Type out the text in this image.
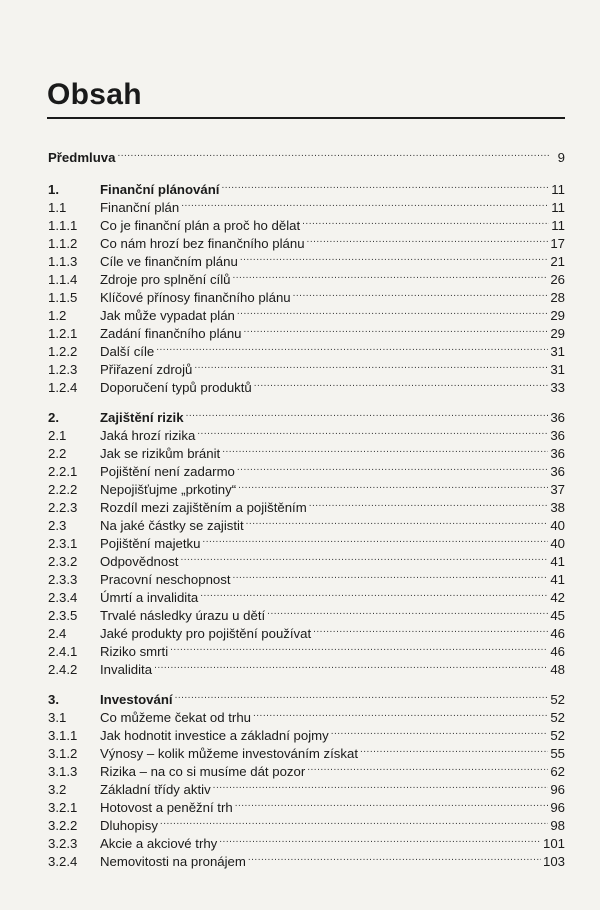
Obsah
Předmluva .....	9
1.	Finanční plánování .....	11
1.1	Finanční plán .....	11
1.1.1	Co je finanční plán a proč ho dělat .....	11
1.1.2	Co nám hrozí bez finančního plánu .....	17
1.1.3	Cíle ve finančním plánu .....	21
1.1.4	Zdroje pro splnění cílů .....	26
1.1.5	Klíčové přínosy finančního plánu .....	28
1.2	Jak může vypadat plán .....	29
1.2.1	Zadání finančního plánu .....	29
1.2.2	Další cíle .....	31
1.2.3	Přiřazení zdrojů .....	31
1.2.4	Doporučení typů produktů .....	33
2.	Zajištění rizik .....	36
2.1	Jaká hrozí rizika .....	36
2.2	Jak se rizikům bránit .....	36
2.2.1	Pojištění není zadarmo .....	36
2.2.2	Nepojišťujme „prkotiny“ .....	37
2.2.3	Rozdíl mezi zajištěním a pojištěním .....	38
2.3	Na jaké částky se zajistit .....	40
2.3.1	Pojištění majetku .....	40
2.3.2	Odpovědnost .....	41
2.3.3	Pracovní neschopnost .....	41
2.3.4	Úmrtí a invalidita .....	42
2.3.5	Trvalé následky úrazu u dětí .....	45
2.4	Jaké produkty pro pojištění používat .....	46
2.4.1	Riziko smrti .....	46
2.4.2	Invalidita .....	48
3.	Investování .....	52
3.1	Co můžeme čekat od trhu .....	52
3.1.1	Jak hodnotit investice a základní pojmy .....	52
3.1.2	Výnosy – kolik můžeme investováním získat .....	55
3.1.3	Rizika – na co si musíme dát pozor .....	62
3.2	Základní třídy aktiv .....	96
3.2.1	Hotovost a peněžní trh .....	96
3.2.2	Dluhopisy .....	98
3.2.3	Akcie a akciové trhy .....	101
3.2.4	Nemovitosti na pronájem .....	103
